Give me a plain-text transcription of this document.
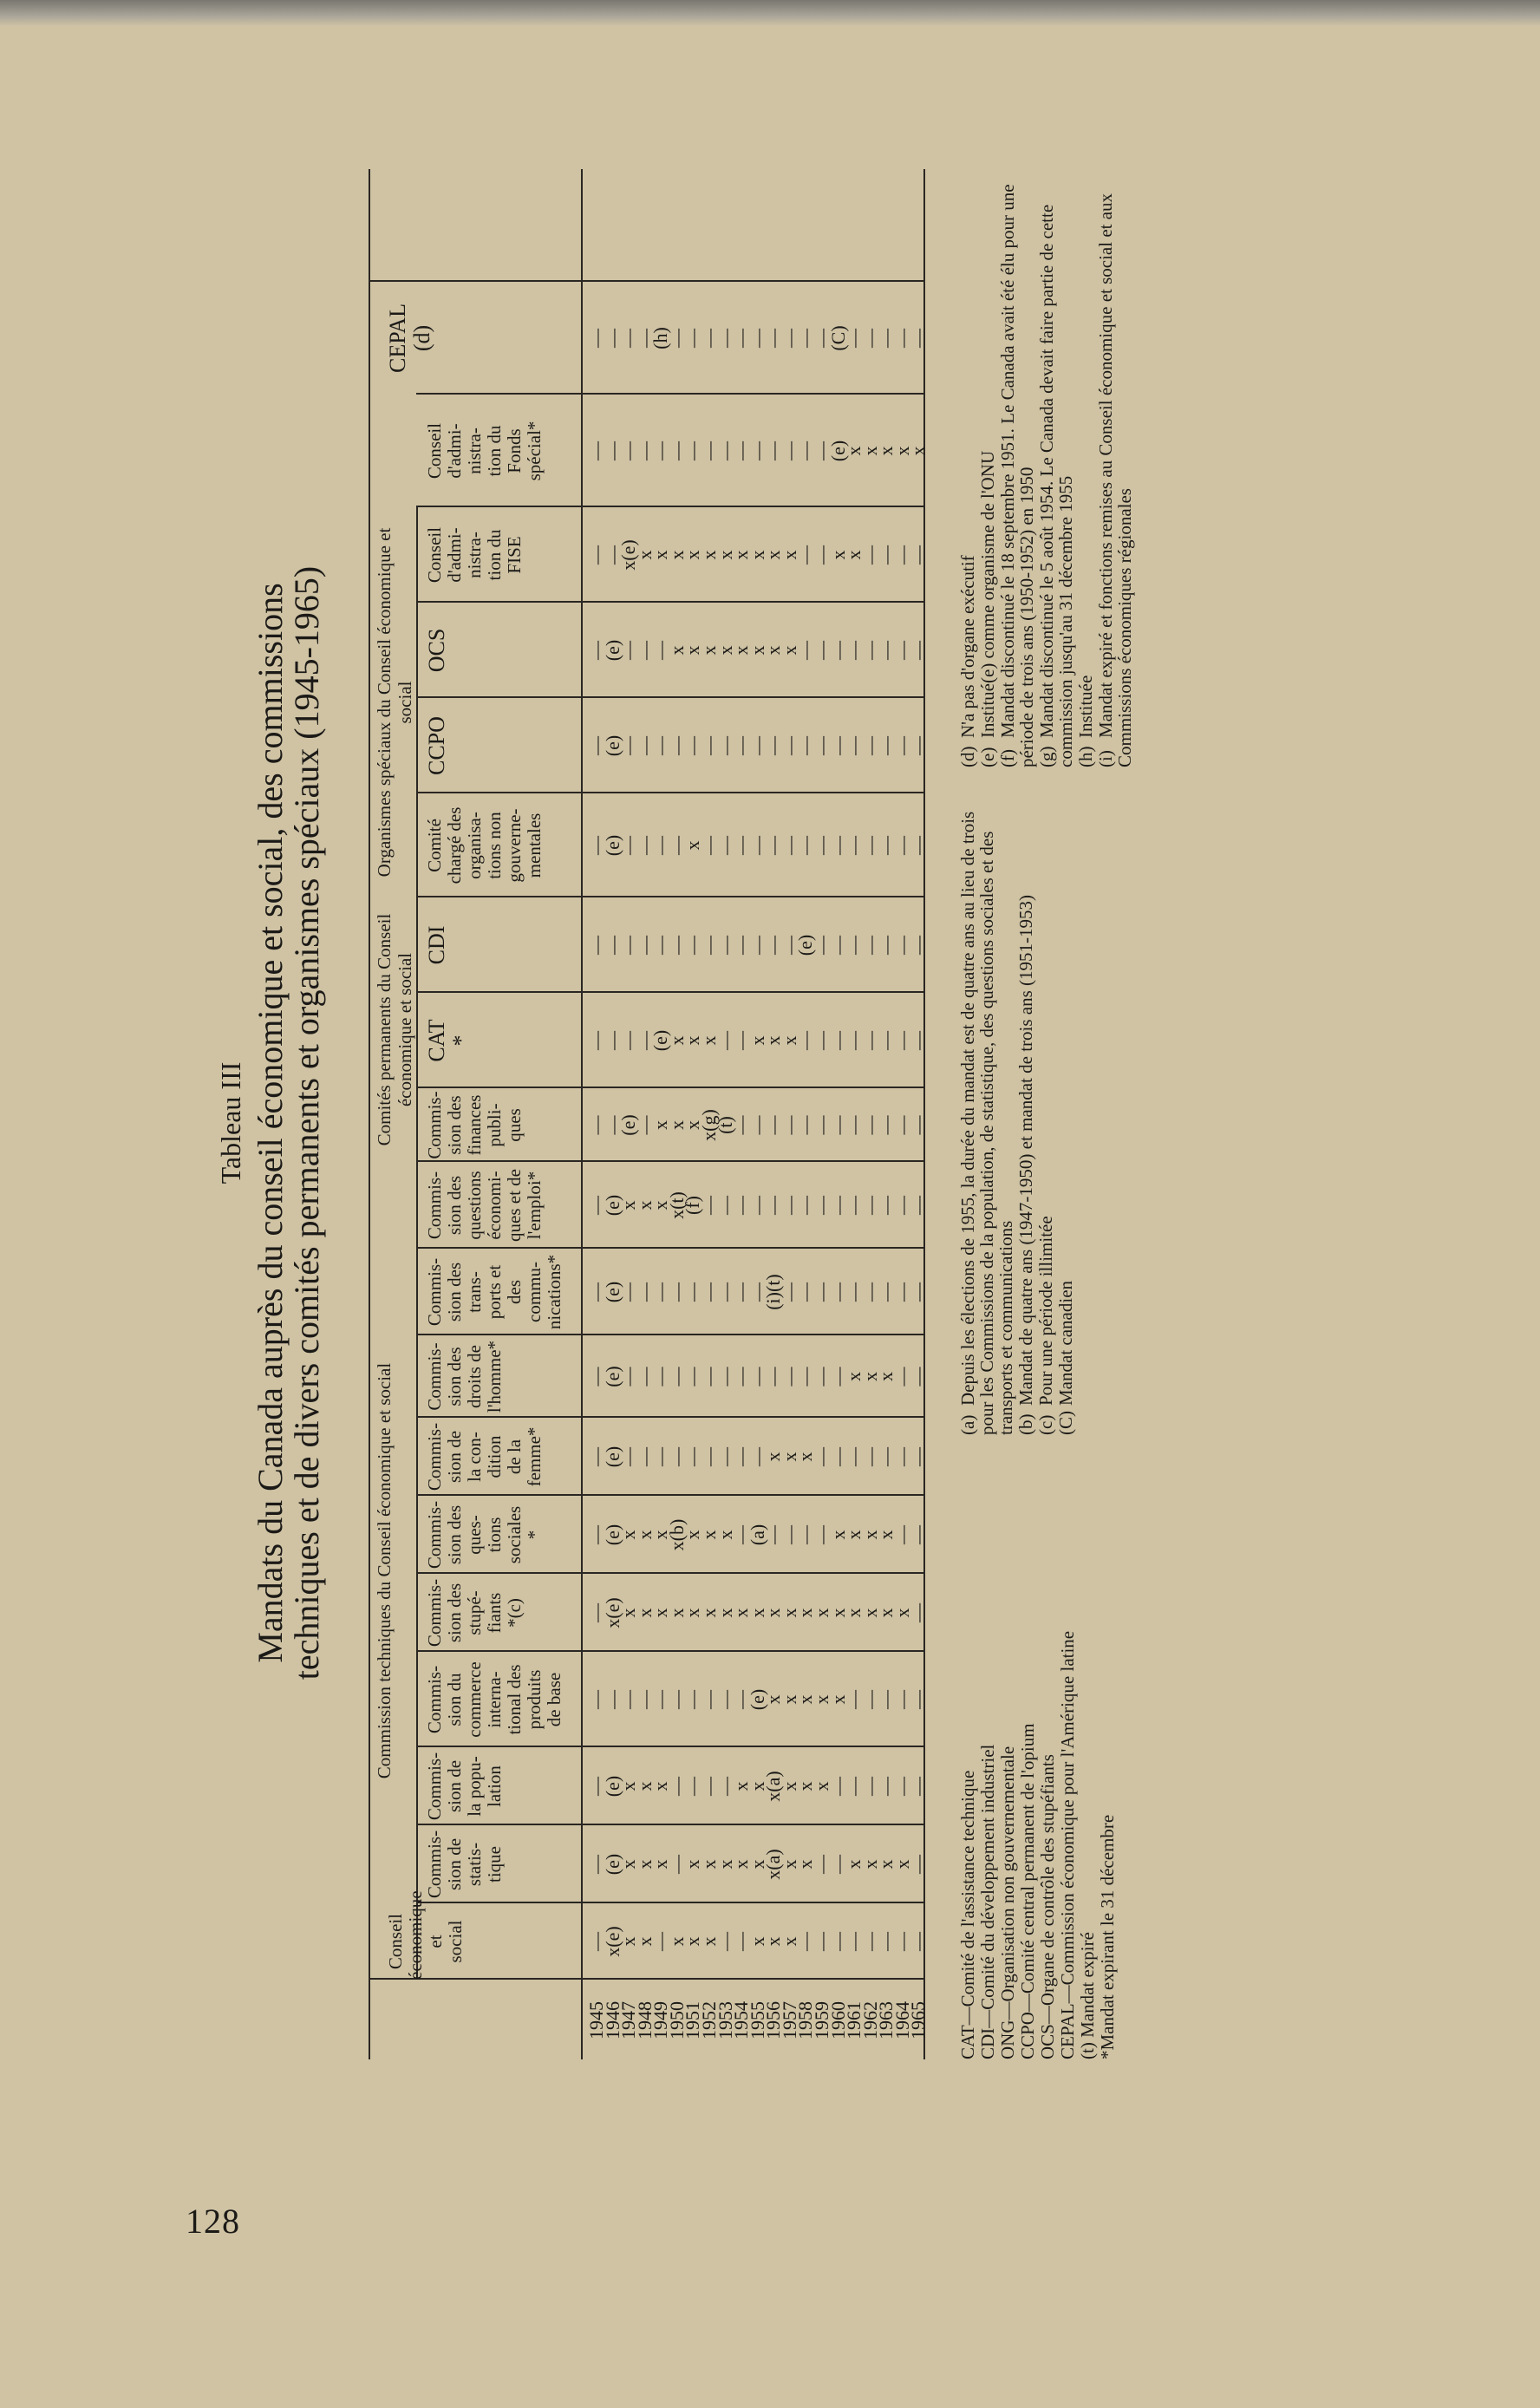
128
Tableau III Mandats du Canada auprès du conseil économique et social, des commissions
techniques et de divers comités permanents et organismes spéciaux (1945-1965)	Commission techniques du Conseil économique et social
Comités permanents du Conseil économique et social
Organismes spéciaux du Conseil économique et social
Conseil
économique et
social
Commis-
sion de
statis-
tique
Commis-
sion de
la popu-
lation
Commis-
sion du
commerce
interna-
tional des
produits
de base
Commis-
sion des
stupé-
fiants
*(c)
Commis-
sion des
ques-
tions
sociales
*
Commis-
sion de
la con-
dition
de la
femme*
Commis-
sion des
droits de
l'homme*
Commis-
sion des
trans-
ports et
des
commu-
nications*
Commis-
sion des
questions
économi-
ques et de
l'emploi*
Commis-
sion des
finances
publi-
ques
CAT
*
CDI
Comité
chargé des
organisa-
tions non
gouverne-
mentales
CCPO
OCS
Conseil
d'admi-
nistra-
tion du
FISE
Conseil
d'admi-
nistra-
tion du
Fonds
spécial*
CEPAL
(d)
1945
—
—
—
—
—
—
—
—
—
—
—
—
—
—
—
—
—
—
—
1946
x(e)
(e)
(e)
—
x(e)
(e)
(e)
(e)
(e)
(e)
—
—
—
(e)
(e)
(e)
—
—
—
1947
x
x
x
—
x
x
—
—
—
x
(e)
—
—
—
—
—
x(e)
—
—
1948
x
x
x
—
x
x
—
—
—
x
—
—
—
—
—
—
x
—
—
1949
—
x
x
—
x
x
—
—
—
x
x
(e)
—
—
—
—
x
—
(h)
1950
x
—
—
—
x
x(b)
—
—
—
x(t)
x
x
—
—
—
x
x
—
—
1951
x
x
—
—
x
x
—
—
—
(f)
x
x
—
x
—
x
x
—
—
1952
x
x
—
—
x
x
—
—
—
—
x(g)
x
—
—
—
x
x
—
—
1953
—
x
—
—
x
x
—
—
—
—
(t)
—
—
—
—
x
x
—
—
1954
—
x
x
—
x
—
—
—
—
—
—
—
—
—
—
x
x
—
—
1955
x
x
x
(e)
x
(a)
—
—
—
—
—
x
—
—
—
x
x
—
—
1956
x
x(a)
x(a)
x
x
—
x
—
(i)(t)
—
—
x
—
—
—
x
x
—
—
1957
x
x
x
x
x
—
x
—
—
—
—
x
—
—
—
x
x
—
—
1958
—
x
x
x
x
—
x
—
—
—
—
—
(e)
—
—
—
—
—
—
1959
—
—
x
x
x
—
—
—
—
—
—
—
—
—
—
—
—
—
—
1960
—
—
—
x
x
x
—
—
—
—
—
—
—
—
—
—
x
(e)
(C)
1961
—
x
—
—
x
x
—
x
—
—
—
—
—
—
—
—
x
x
—
1962
—
x
—
—
x
x
—
x
—
—
—
—
—
—
—
—
—
x
—
1963
—
x
—
—
x
x
—
x
—
—
—
—
—
—
—
—
—
x
—
1964
—
x
—
—
x
—
—
—
—
—
—
—
—
—
—
—
—
x
—
1965
—
—
—
—
—
—
—
—
—
—
—
—
—
—
—
—
—
x
—
CAT—Comité de l'assistance technique CDI—Comité du développement industriel ONG—Organisation non gouvernementale CCPO—Comité central permanent de l'opium OCS—Organe de contrôle des stupéfiants CEPAL—Commission économique pour l'Amérique latine (t) Mandat expiré *Mandat expirant le 31 décembre
(a)Depuis les élections de 1955, la durée du mandat est de quatre ans au lieu de trois pour les Commissions de la population, de statistique, des questions sociales et des transports et communications (b)Mandat de quatre ans (1947-1950) et mandat de trois ans (1951-1953)
(c)Pour une période illimitée
(C)Mandat canadien
(d)N'a pas d'organe exécutif
(e)Institué(e) comme organisme de l'ONU
(f)Mandat discontinué le 18 septembre 1951. Le Canada avait été élu pour une période de trois ans (1950-1952) en 1950 (g)Mandat discontinué le 5 août 1954. Le Canada devait faire partie de cette commission jusqu'au 31 décembre 1955 (h)Instituée
(i)Mandat expiré et fonctions remises au Conseil économique et social et aux Commissions économiques régionales
